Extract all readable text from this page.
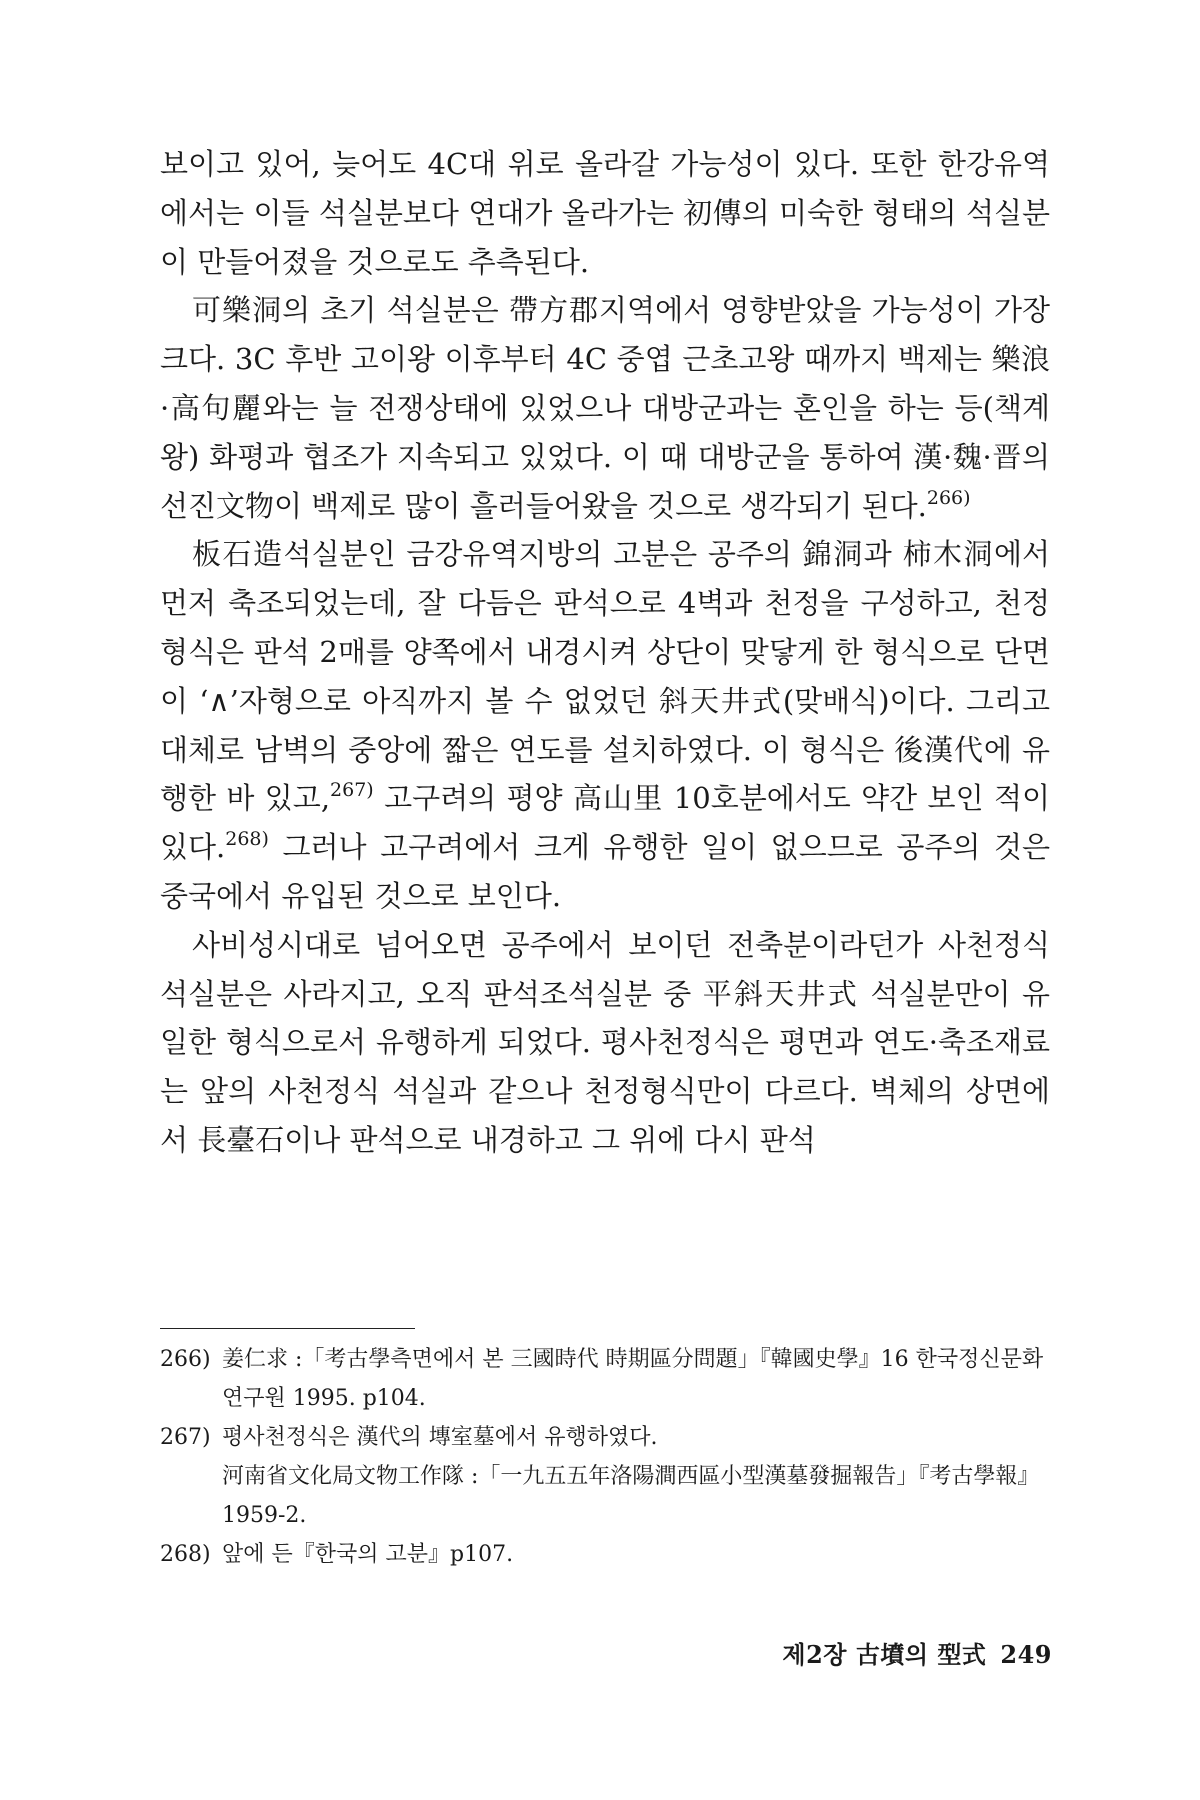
보이고 있어, 늦어도 4C대 위로 올라갈 가능성이 있다. 또한 한강유역에서는 이들 석실분보다 연대가 올라가는 初傳의 미숙한 형태의 석실분이 만들어졌을 것으로도 추측된다.

可樂洞의 초기 석실분은 帶方郡지역에서 영향받았을 가능성이 가장 크다. 3C 후반 고이왕 이후부터 4C 중엽 근초고왕 때까지 백제는 樂浪·高句麗와는 늘 전쟁상태에 있었으나 대방군과는 혼인을 하는 등(책계왕) 화평과 협조가 지속되고 있었다. 이 때 대방군을 통하여 漢·魏·晋의 선진文物이 백제로 많이 흘러들어왔을 것으로 생각되기 된다.$^{266)}$

板石造석실분인 금강유역지방의 고분은 공주의 錦洞과 柿木洞에서 먼저 축조되었는데, 잘 다듬은 판석으로 4벽과 천정을 구성하고, 천정형식은 판석 2매를 양쪽에서 내경시켜 상단이 맞닿게 한 형식으로 단면이 ‘∧’자형으로 아직까지 볼 수 없었던 斜天井式(맞배식)이다. 그리고 대체로 남벽의 중앙에 짧은 연도를 설치하였다. 이 형식은 後漢代에 유행한 바 있고,$^{267)}$ 고구려의 평양 高山里 10호분에서도 약간 보인 적이 있다.$^{268)}$ 그러나 고구려에서 크게 유행한 일이 없으므로 공주의 것은 중국에서 유입된 것으로 보인다.

사비성시대로 넘어오면 공주에서 보이던 전축분이라던가 사천정식 석실분은 사라지고, 오직 판석조석실분 중 平斜天井式 석실분만이 유일한 형식으로서 유행하게 되었다. 평사천정식은 평면과 연도·축조재료는 앞의 사천정식 석실과 같으나 천정형식만이 다르다. 벽체의 상면에서 長臺石이나 판석으로 내경하고 그 위에 다시 판석

266) 姜仁求 :「考古學측면에서 본 三國時代 時期區分問題」『韓國史學』16 한국정신문화연구원 1995. p104.
267) 평사천정식은 漢代의 塼室墓에서 유행하였다.
河南省文化局文物工作隊 :「一九五五年洛陽澗西區小型漢墓發掘報告」『考古學報』1959-2.
268) 앞에 든『한국의 고분』p107.
제2장 古墳의 型式 249
